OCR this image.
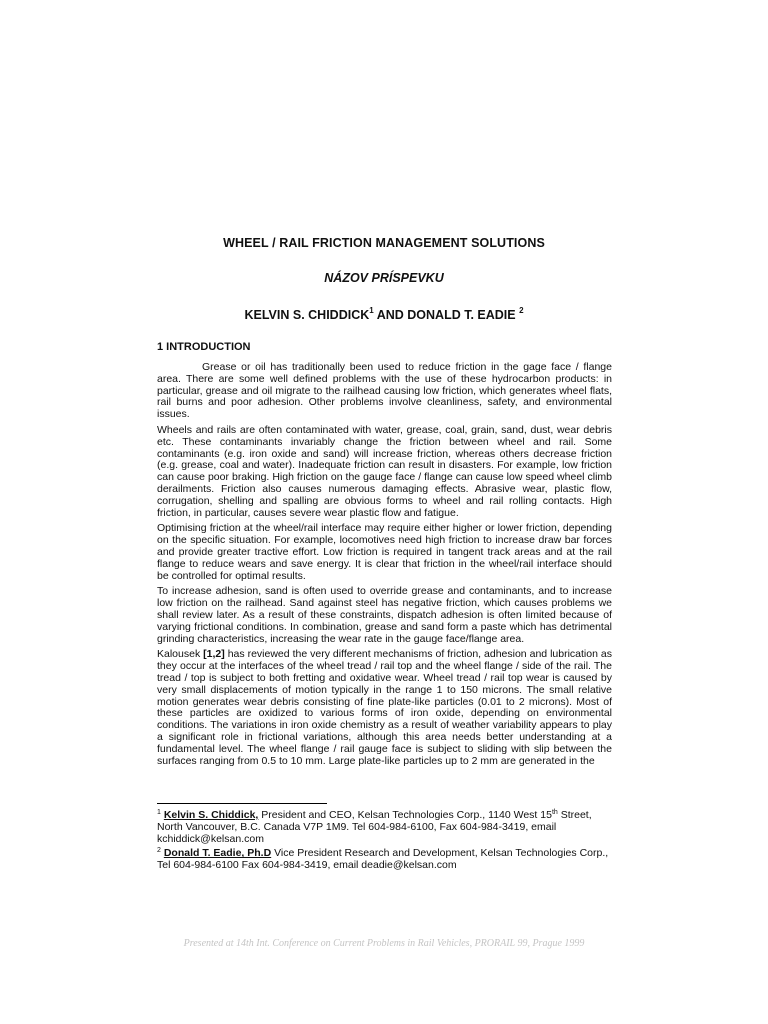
WHEEL / RAIL FRICTION MANAGEMENT SOLUTIONS
NÁZOV PRÍSPEVKU
KELVIN S. CHIDDICK$^1$ AND DONALD T. EADIE $^2$
1 INTRODUCTION

Grease or oil has traditionally been used to reduce friction in the gage face / flange area. There are some well defined problems with the use of these hydrocarbon products: in particular, grease and oil migrate to the railhead causing low friction, which generates wheel flats, rail burns and poor adhesion. Other problems involve cleanliness, safety, and environmental issues.

Wheels and rails are often contaminated with water, grease, coal, grain, sand, dust, wear debris etc. These contaminants invariably change the friction between wheel and rail. Some contaminants (e.g. iron oxide and sand) will increase friction, whereas others decrease friction (e.g. grease, coal and water). Inadequate friction can result in disasters. For example, low friction can cause poor braking. High friction on the gauge face / flange can cause low speed wheel climb derailments. Friction also causes numerous damaging effects. Abrasive wear, plastic flow, corrugation, shelling and spalling are obvious forms to wheel and rail rolling contacts. High friction, in particular, causes severe wear plastic flow and fatigue.

Optimising friction at the wheel/rail interface may require either higher or lower friction, depending on the specific situation. For example, locomotives need high friction to increase draw bar forces and provide greater tractive effort. Low friction is required in tangent track areas and at the rail flange to reduce wears and save energy. It is clear that friction in the wheel/rail interface should be controlled for optimal results.

To increase adhesion, sand is often used to override grease and contaminants, and to increase low friction on the railhead. Sand against steel has negative friction, which causes problems we shall review later. As a result of these constraints, dispatch adhesion is often limited because of varying frictional conditions. In combination, grease and sand form a paste which has detrimental grinding characteristics, increasing the wear rate in the gauge face/flange area.

Kalousek [1,2] has reviewed the very different mechanisms of friction, adhesion and lubrication as they occur at the interfaces of the wheel tread / rail top and the wheel flange / side of the rail. The tread / top is subject to both fretting and oxidative wear. Wheel tread / rail top wear is caused by very small displacements of motion typically in the range 1 to 150 microns. The small relative motion generates wear debris consisting of fine plate-like particles (0.01 to 2 microns). Most of these particles are oxidized to various forms of iron oxide, depending on environmental conditions. The variations in iron oxide chemistry as a result of weather variability appears to play a significant role in frictional variations, although this area needs better understanding at a fundamental level. The wheel flange / rail gauge face is subject to sliding with slip between the surfaces ranging from 0.5 to 10 mm. Large plate-like particles up to 2 mm are generated in the

$^1$ Kelvin S. Chiddick, President and CEO, Kelsan Technologies Corp., 1140 West 15th Street, North Vancouver, B.C. Canada V7P 1M9. Tel 604-984-6100, Fax 604-984-3419, email kchiddick@kelsan.com

$^2$ Donald T. Eadie, Ph.D Vice President Research and Development, Kelsan Technologies Corp., Tel 604-984-6100 Fax 604-984-3419, email deadie@kelsan.com

Presented at 14th Int. Conference on Current Problems in Rail Vehicles, PRORAIL 99, Prague 1999
